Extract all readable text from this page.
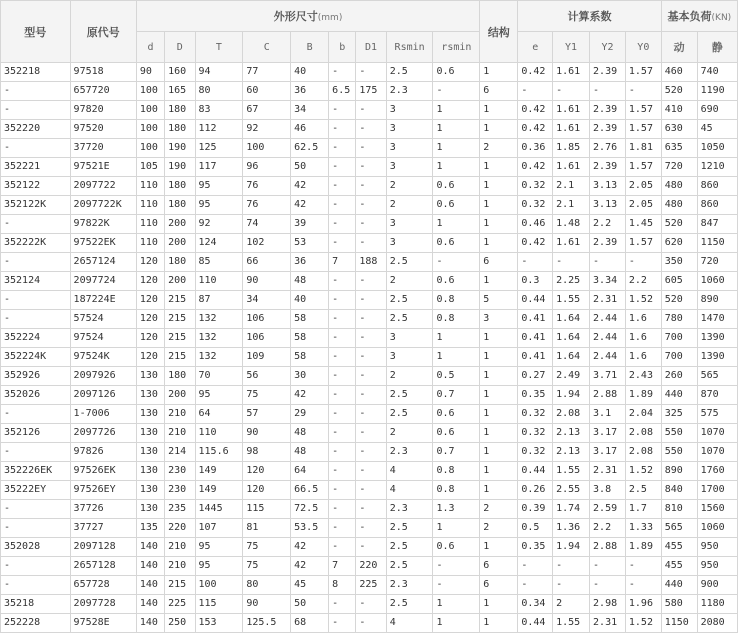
型号	原代号	外形尺寸(mm)									结构	计算系数				基本负荷(KN)	
		d	D	T	C	B	b	D1	Rsmin	rsmin		e	Y1	Y2	Y0	动	静
352218	97518	90	160	94	77	40	-	-	2.5	0.6	1	0.42	1.61	2.39	1.57	460	740
-	657720	100	165	80	60	36	6.5	175	2.3	-	6	-	-	-	-	520	1190
-	97820	100	180	83	67	34	-	-	3	1	1	0.42	1.61	2.39	1.57	410	690
352220	97520	100	180	112	92	46	-	-	3	1	1	0.42	1.61	2.39	1.57	630	45
-	37720	100	190	125	100	62.5	-	-	3	1	2	0.36	1.85	2.76	1.81	635	1050
352221	97521E	105	190	117	96	50	-	-	3	1	1	0.42	1.61	2.39	1.57	720	1210
352122	2097722	110	180	95	76	42	-	-	2	0.6	1	0.32	2.1	3.13	2.05	480	860
352122K	2097722K	110	180	95	76	42	-	-	2	0.6	1	0.32	2.1	3.13	2.05	480	860
-	97822K	110	200	92	74	39	-	-	3	1	1	0.46	1.48	2.2	1.45	520	847
352222K	97522EK	110	200	124	102	53	-	-	3	0.6	1	0.42	1.61	2.39	1.57	620	1150
-	2657124	120	180	85	66	36	7	188	2.5	-	6	-	-	-	-	350	720
352124	2097724	120	200	110	90	48	-	-	2	0.6	1	0.3	2.25	3.34	2.2	605	1060
-	187224E	120	215	87	34	40	-	-	2.5	0.8	5	0.44	1.55	2.31	1.52	520	890
-	57524	120	215	132	106	58	-	-	2.5	0.8	3	0.41	1.64	2.44	1.6	780	1470
352224	97524	120	215	132	106	58	-	-	3	1	1	0.41	1.64	2.44	1.6	700	1390
352224K	97524K	120	215	132	109	58	-	-	3	1	1	0.41	1.64	2.44	1.6	700	1390
352926	2097926	130	180	70	56	30	-	-	2	0.5	1	0.27	2.49	3.71	2.43	260	565
352026	2097126	130	200	95	75	42	-	-	2.5	0.7	1	0.35	1.94	2.88	1.89	440	870
-	1-7006	130	210	64	57	29	-	-	2.5	0.6	1	0.32	2.08	3.1	2.04	325	575
352126	2097726	130	210	110	90	48	-	-	2	0.6	1	0.32	2.13	3.17	2.08	550	1070
-	97826	130	214	115.6	98	48	-	-	2.3	0.7	1	0.32	2.13	3.17	2.08	550	1070
352226EK	97526EK	130	230	149	120	64	-	-	4	0.8	1	0.44	1.55	2.31	1.52	890	1760
35222EY	97526EY	130	230	149	120	66.5	-	-	4	0.8	1	0.26	2.55	3.8	2.5	840	1700
-	37726	130	235	1445	115	72.5	-	-	2.3	1.3	2	0.39	1.74	2.59	1.7	810	1560
-	37727	135	220	107	81	53.5	-	-	2.5	1	2	0.5	1.36	2.2	1.33	565	1060
352028	2097128	140	210	95	75	42	-	-	2.5	0.6	1	0.35	1.94	2.88	1.89	455	950
-	2657128	140	210	95	75	42	7	220	2.5	-	6	-	-	-	-	455	950
-	657728	140	215	100	80	45	8	225	2.3	-	6	-	-	-	-	440	900
35218	2097728	140	225	115	90	50	-	-	2.5	1	1	0.34	2	2.98	1.96	580	1180
252228	97528E	140	250	153	125.5	68	-	-	4	1	1	0.44	1.55	2.31	1.52	1150	2080
